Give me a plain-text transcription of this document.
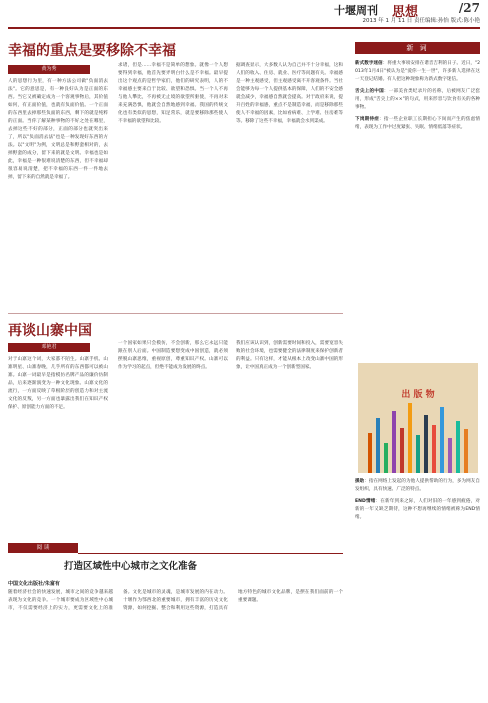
十堰周刊 思想	/27
2013 年 1 月 11 日 责任编辑:孙怡 版式:陈小艳
幸福的重点是要移除不幸福
黄为秀
人的思想行为里，有一种方法公司做"负面消去法"。它的意思是，有一种良好认为是正面的东西。当它又被确定成为一个客观事物后，其价值如何，有正面价值，也就有负面价值。一个正面的东西里去掉那些负面的东西，剩下的就是纯粹的正面。当你了解某种事物的不好之处在哪里，去掉这些不好的部分，正面的部分也就突出来了，所以"负面消去法"也是一种发现好东西的方法。以"文明"为例，文明总是和野蛮相对的，去掉野蛮的成分，留下来的就是文明。幸福也是如此，幸福是一种很难说清楚的东西，但不幸福却很容易说清楚，把不幸福的东西一件一件地去掉，留下来的自然就是幸福了。
求诸，但是……幸福不是简单的想象。就像一个人想要得到幸福，他首先要弄明白什么是不幸福。最早提出这个观点的是哲学家们，他们的研究表明，人的不幸福感主要来自于比较、欲望和恐惧。当一个人不再与他人攀比，不再被无止境的欲望所驱使，不再对未来充满恐惧，他就会自然地感到幸福。我国的传统文化也有类似的思想，知足常乐，就是要移除那些使人不幸福的欲望和比较。
据调查显示，大多数人认为自己并不十分幸福，这和人们的收入、住房、就业、医疗等问题有关。幸福感是一种主观感受，但主观感受离不开客观条件。当社会能够为每一个人提供基本的保障，人们的不安全感就会减少，幸福感自然就会提高。对于政府来说，提升百姓的幸福感，重点不是制造幸福，而是移除那些使人不幸福的因素，比如看病难、上学难、住房难等等。移除了这些不幸福，幸福就会水到渠成。
再谈山寨中国
邓艳君
对于山寨这个词，大家都不陌生。山寨手机、山寨明星、山寨春晚，几乎所有的东西都可以被山寨。山寨一词最早是指模仿名牌产品的廉价仿制品，后来逐渐演变为一种文化现象。山寨文化的流行，一方面反映了草根阶层的创造力和对主流文化的反叛，另一方面也暴露出我们在知识产权保护、原创能力方面的不足。
一个国家如果只会模仿，不会创新，那么它永远只能跟在别人后面。中国制造要想变成中国创造，就必须摆脱山寨思维，重视原创，尊重知识产权。山寨可以作为学习的起点，但绝不能成为发展的终点。
我们应该认识到，创新需要时间和投入，需要宽容失败的社会环境，也需要健全的法律制度来保护创新者的利益。只有这样，才能从根本上改变山寨中国的形象，让中国真正成为一个创新型国家。
阅 读
打造区域性中心城市之文化准备
中国文化出版社/朱富有
随着经济社会的快速发展，城市之间的竞争越来越表现为文化的竞争。一个城市要成为区域性中心城市，不仅需要经济上的实力，更需要文化上的准备。文化是城市的灵魂，是城市发展的内在动力。十堰作为鄂西北的重要城市，拥有丰富的历史文化资源，如何挖掘、整合和利用这些资源，打造具有地方特色的城市文化品牌，是摆在我们面前的一个重要课题。
新 词
新式数字迷信：将重大事项安排在谐音吉利的日子。近日，"2013年1月4日"被认为是"爱你一生一世"，许多新人选择在这一天登记结婚。有人把这种现象称为新式数字迷信。
舌尖上的中国：一部美食类纪录片的名称，后被网友广泛套用，形成"舌尖上的××"的句式，用来形容与饮食有关的各种事物。
下岗期待症：指一些企业职工长期担心下岗而产生的焦虑情绪，表现为工作中过度紧张、失眠、情绪低落等症状。
出 版 物
援助：指在网络上发起的为他人提供帮助的行为，多为网友自发组织，具有快速、广泛的特点。
END情绪：在新年到来之际，人们对旧的一年感到疲倦，对新的一年又缺乏期待，这种不想再继续的情绪被称为END情绪。
